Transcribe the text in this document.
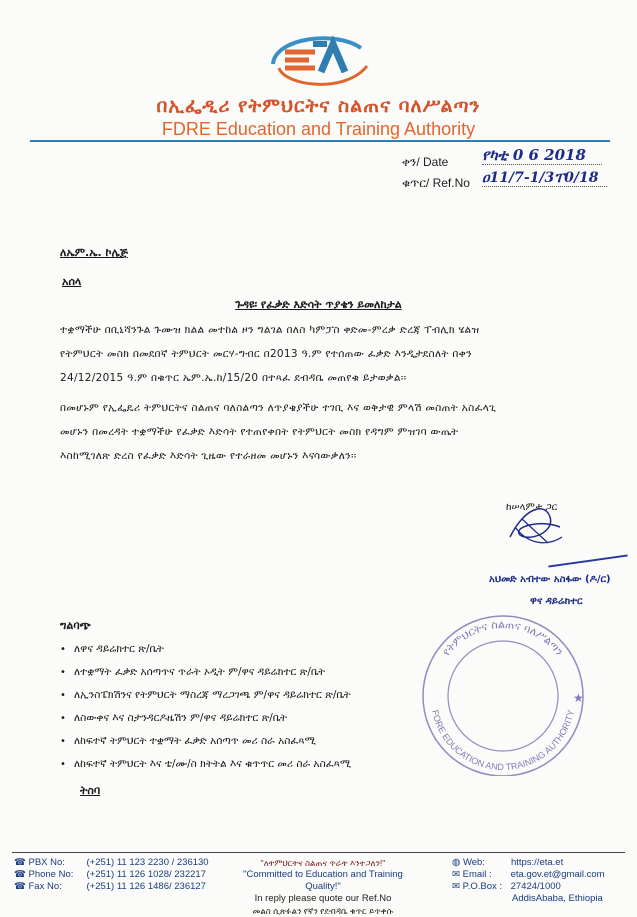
በኢፌዲሪ የትምህርትና ስልጠና ባለሥልጣን
FDRE Education and Training Authority
ቀን/ Date የካቲ 0 6 2018
ቁጥር/ Ref.No ዐ11/7-1/3ፐ0/18
ለኤም.ኤ. ኮሌጅ
አሰላ
ጉዳዩ፡ የፈቃድ እድሳት ጥያቄን ይመለከታል
ተቋማችሁ በቢኒሻንጉል ጉሙዝ ክልል መተከል ዞን ግልገል በለስ ካምፓስ ቀድመ-ምረቃ ድረጃ ፐብሊክ ሄልዝ
የትምህርት መስክ በመደበኛ ትምህርት መርሃ-ግብር በ2013 ዓ.ም የተሰጠው ፈቃድ እንዲታደስለት በቀን
24/12/2015 ዓ.ም በቁጥር ኤም.ኤ.ከ/15/20 በተጻፈ ደብዳቤ መጠየቁ ይታወቃል፡፡
በመሆኑም የኢፌዴሪ ትምህርትና ስልጠና ባለስልጣን ለጥያቄያችሁ ተገቢ እና ወቅታዊ ምላሽ መስጠት አስፈላጊ
መሆኑን በመረዳት ተቋማችሁ የፈቃድ እድሳት የተጠየቀበት የትምህርት መስክ የዳግም ምዝገባ ውጤት
እስከሚገለጽ ድረስ የፈቃድ እድሳት ጊዜው የተራዘመ መሆኑን እናሳውቃለን፡፡
ከሠላምታ ጋር
አህመድ አብተው አስፋው (ዶ/ር)
ዋና ዳይሬክተር
የትምህርትና ስልጠና ባለሥልጣን
FORE EDUCATION AND TRAINING AUTHORITY
★
ግልባጭ
• ለዋና ዳይሬክተር ጽ/ቤት
• ለተቋማት ፈቃድ አሰጣጥና ጥራት ኦዲት ም/ዋና ዳይሬክተር ጽ/ቤት
• ለኢንስፔክሽንና የትምህርት ማስረጃ ማረጋገጫ ም/ዋና ዳይሬክተር ጽ/ቤት
• ለስውቀና እና ስታንዳርዶዜሽን ም/ዋና ዳይሬክተር ጽ/ቤት
• ለከፍተኛ ትምህርት ተቋማት ፈቃድ አሰጣጥ መሪ ስራ አስፈጻሚ
• ለከፍተኛ ትምህርት እና ቴ/ሙ/ስ ክትትል እና ቁጥጥር መሪ ስራ አስፈጻሚ
ትስባ
☎ PBX No: (+251) 11 123 2230 / 236130
☎ Phone No: (+251) 11 126 1028/ 232217
☎ Fax No:	(+251) 11 126 1486/ 236127
"ለትምህርትና ስልጠና ጥራት እንተጋለን!"
"Committed to Education and Training Quality!"
In reply please quote our Ref.No
መልስ ሲጽፉልን የኛን የደብዳቤ ቁጥር ይጥቀሱ
◍ Web:	https://eta.et
✉ Email : eta.gov.et@gmail.com
✉ P.O.Box : 27424/1000
AddisAbaba, Ethiopia
